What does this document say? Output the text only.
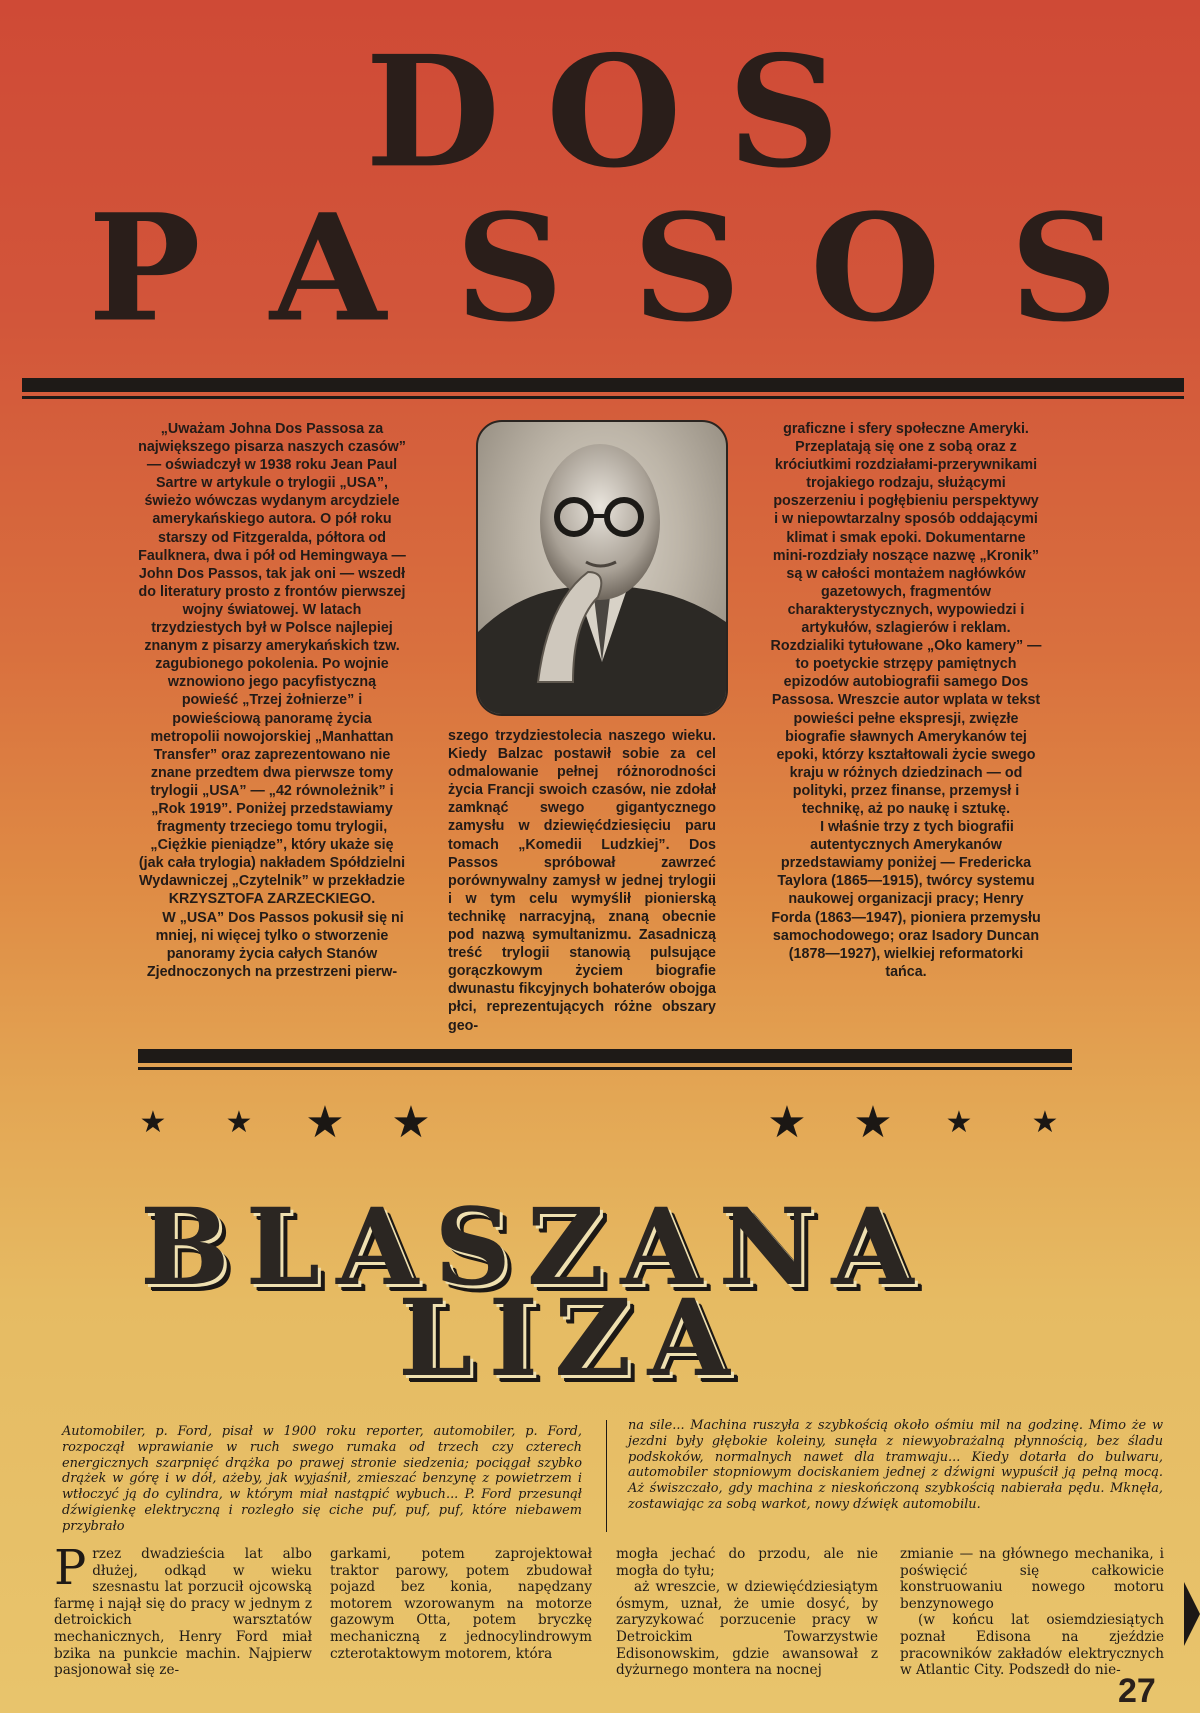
D O S
P A S S O S

„Uważam Johna Dos Passosa za największego pisarza naszych czasów” — oświadczył w 1938 roku Jean Paul Sartre w artykule o trylogii „USA”, świeżo wówczas wydanym arcydziele amerykańskiego autora. O pół roku starszy od Fitzgeralda, półtora od Faulknera, dwa i pół od Hemingwaya — John Dos Passos, tak jak oni — wszedł do literatury prosto z frontów pierwszej wojny światowej. W latach trzydziestych był w Polsce najlepiej znanym z pisarzy amerykańskich tzw. zagubionego pokolenia. Po wojnie wznowiono jego pacyfistyczną powieść „Trzej żołnierze” i powieściową panoramę życia metropolii nowojorskiej „Manhattan Transfer” oraz zaprezentowano nie znane przedtem dwa pierwsze tomy trylogii „USA” — „42 równoleżnik” i „Rok 1919”. Poniżej przedstawiamy fragmenty trzeciego tomu trylogii, „Ciężkie pieniądze”, który ukaże się (jak cała trylogia) nakładem Spółdzielni Wydawniczej „Czytelnik” w przekładzie KRZYSZTOFA ZARZECKIEGO.

W „USA” Dos Passos pokusił się ni mniej, ni więcej tylko o stworzenie panoramy życia całych Stanów Zjednoczonych na przestrzeni pierw-

szego trzydziestolecia naszego wieku. Kiedy Balzac postawił sobie za cel odmalowanie pełnej różnorodności życia Francji swoich czasów, nie zdołał zamknąć swego gigantycznego zamysłu w dziewięćdziesięciu paru tomach „Komedii Ludzkiej”. Dos Passos spróbował zawrzeć porównywalny zamysł w jednej trylogii i w tym celu wymyślił pionierską technikę narracyjną, znaną obecnie pod nazwą symultanizmu. Zasadniczą treść trylogii stanowią pulsujące gorączkowym życiem biografie dwunastu fikcyjnych bohaterów obojga płci, reprezentujących różne obszary geo-

graficzne i sfery społeczne Ameryki. Przeplatają się one z sobą oraz z króciutkimi rozdziałami-przerywnikami trojakiego rodzaju, służącymi poszerzeniu i pogłębieniu perspektywy i w niepowtarzalny sposób oddającymi klimat i smak epoki. Dokumentarne mini-rozdziały noszące nazwę „Kronik” są w całości montażem nagłówków gazetowych, fragmentów charakterystycznych, wypowiedzi i artykułów, szlagierów i reklam. Rozdzialiki tytułowane „Oko kamery” — to poetyckie strzępy pamiętnych epizodów autobiografii samego Dos Passosa. Wreszcie autor wplata w tekst powieści pełne ekspresji, zwięzłe biografie sławnych Amerykanów tej epoki, którzy kształtowali życie swego kraju w różnych dziedzinach — od polityki, przez finanse, przemysł i technikę, aż po naukę i sztukę.

I właśnie trzy z tych biografii autentycznych Amerykanów przedstawiamy poniżej — Fredericka Taylora (1865—1915), twórcy systemu naukowej organizacji pracy; Henry Forda (1863—1947), pioniera przemysłu samochodowego; oraz Isadory Duncan (1878—1927), wielkiej reformatorki tańca.

★	★	★	★	★	★	★	★
BLASZANA
LIZA
Automobiler, p. Ford, pisał w 1900 roku reporter, automobiler, p. Ford, rozpoczął wprawianie w ruch swego rumaka od trzech czy czterech energicznych szarpnięć drążka po prawej stronie siedzenia; pociągał szybko drążek w górę i w dół, ażeby, jak wyjaśnił, zmieszać benzynę z powietrzem i wtłoczyć ją do cylindra, w którym miał nastąpić wybuch... P. Ford przesunął dźwigienkę elektryczną i rozległo się ciche puf, puf, puf, które niebawem przybrało
na sile... Machina ruszyła z szybkością około ośmiu mil na godzinę. Mimo że w jezdni były głębokie koleiny, sunęła z niewyobrażalną płynnością, bez śladu podskoków, normalnych nawet dla tramwaju... Kiedy dotarła do bulwaru, automobiler stopniowym dociskaniem jednej z dźwigni wypuścił ją pełną mocą. Aż świszczało, gdy machina z nieskończoną szybkością nabierała pędu. Mknęła, zostawiając za sobą warkot, nowy dźwięk automobilu.
P rzez dwadzieścia lat albo dłużej, odkąd w wieku szesnastu lat porzucił ojcowską farmę i najął się do pracy w jednym z detroickich warsztatów mechanicznych, Henry Ford miał bzika na punkcie machin. Najpierw pasjonował się ze-
garkami, potem zaprojektował traktor parowy, potem zbudował pojazd bez konia, napędzany motorem wzorowanym na motorze gazowym Otta, potem bryczkę mechaniczną z jednocylindrowym czterotaktowym motorem, która
mogła jechać do przodu, ale nie mogła do tyłu;
aż wreszcie, w dziewięćdziesiątym ósmym, uznał, że umie dosyć, by zaryzykować porzucenie pracy w Detroickim Towarzystwie Edisonowskim, gdzie awansował z dyżurnego montera na nocnej
zmianie — na głównego mechanika, i poświęcić się całkowicie konstruowaniu nowego motoru benzynowego
(w końcu lat osiemdziesiątych poznał Edisona na zjeździe pracowników zakładów elektrycznych w Atlantic City. Podszedł do nie-
27
